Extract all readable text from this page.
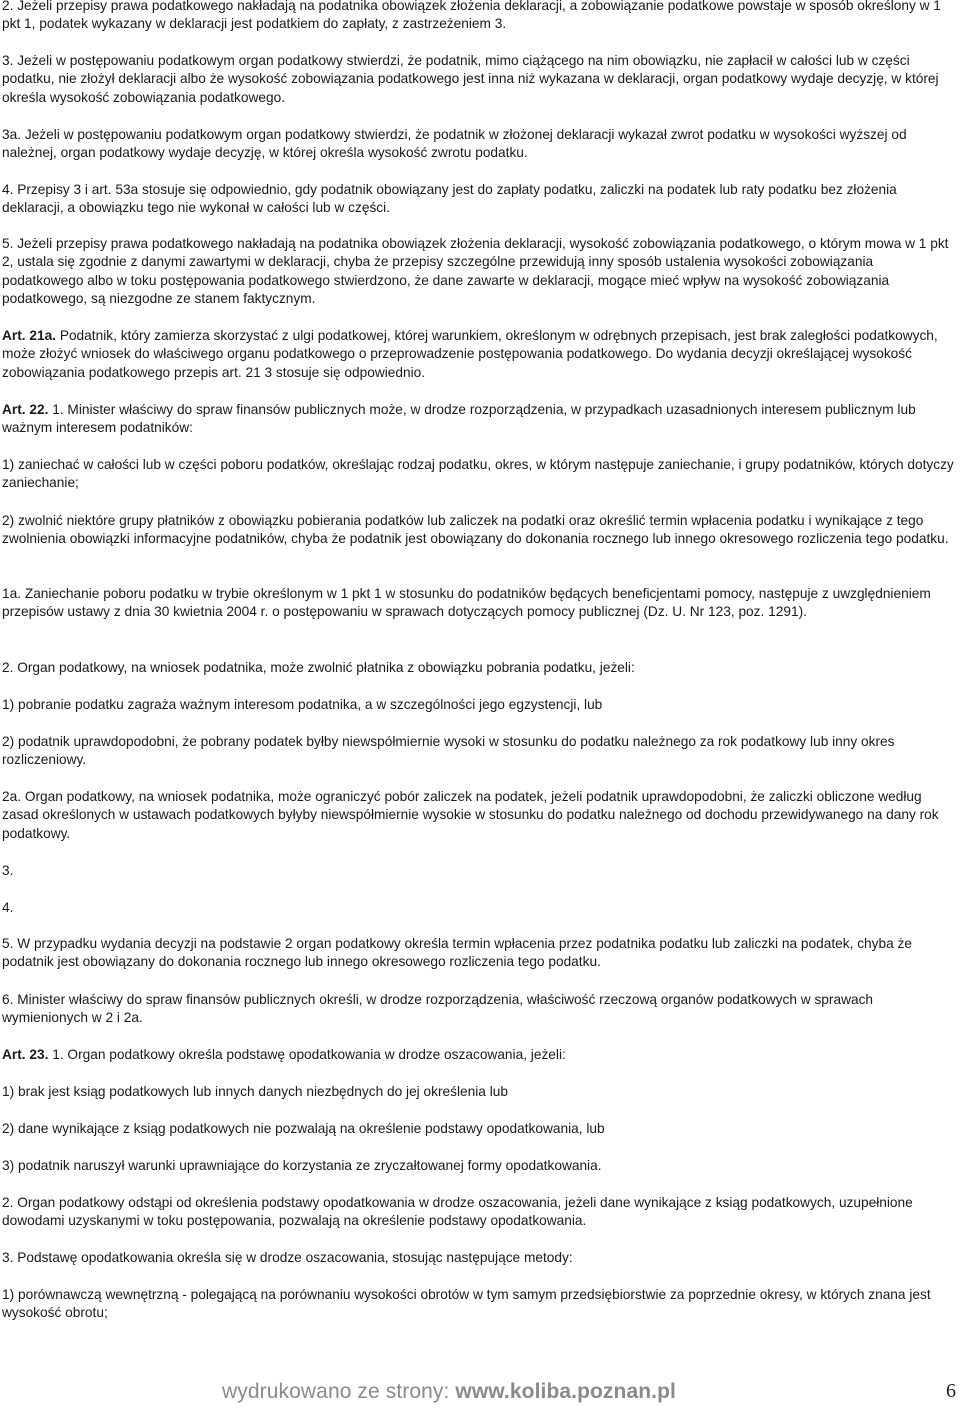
2. Jeżeli przepisy prawa podatkowego nakładają na podatnika obowiązek złożenia deklaracji, a zobowiązanie podatkowe powstaje w sposób określony w 1 pkt 1, podatek wykazany w deklaracji jest podatkiem do zapłaty, z zastrzeżeniem 3.

3. Jeżeli w postępowaniu podatkowym organ podatkowy stwierdzi, że podatnik, mimo ciążącego na nim obowiązku, nie zapłacił w całości lub w części podatku, nie złożył deklaracji albo że wysokość zobowiązania podatkowego jest inna niż wykazana w deklaracji, organ podatkowy wydaje decyzję, w której określa wysokość zobowiązania podatkowego.

3a. Jeżeli w postępowaniu podatkowym organ podatkowy stwierdzi, że podatnik w złożonej deklaracji wykazał zwrot podatku w wysokości wyższej od należnej, organ podatkowy wydaje decyzję, w której określa wysokość zwrotu podatku.

4. Przepisy 3 i art. 53a stosuje się odpowiednio, gdy podatnik obowiązany jest do zapłaty podatku, zaliczki na podatek lub raty podatku bez złożenia deklaracji, a obowiązku tego nie wykonał w całości lub w części.

5. Jeżeli przepisy prawa podatkowego nakładają na podatnika obowiązek złożenia deklaracji, wysokość zobowiązania podatkowego, o którym mowa w 1 pkt 2, ustala się zgodnie z danymi zawartymi w deklaracji, chyba że przepisy szczególne przewidują inny sposób ustalenia wysokości zobowiązania podatkowego albo w toku postępowania podatkowego stwierdzono, że dane zawarte w deklaracji, mogące mieć wpływ na wysokość zobowiązania podatkowego, są niezgodne ze stanem faktycznym.

Art. 21a. Podatnik, który zamierza skorzystać z ulgi podatkowej, której warunkiem, określonym w odrębnych przepisach, jest brak zaległości podatkowych, może złożyć wniosek do właściwego organu podatkowego o przeprowadzenie postępowania podatkowego. Do wydania decyzji określającej wysokość zobowiązania podatkowego przepis art. 21 3 stosuje się odpowiednio.

Art. 22. 1. Minister właściwy do spraw finansów publicznych może, w drodze rozporządzenia, w przypadkach uzasadnionych interesem publicznym lub ważnym interesem podatników:

1) zaniechać w całości lub w części poboru podatków, określając rodzaj podatku, okres, w którym następuje zaniechanie, i grupy podatników, których dotyczy zaniechanie;

2) zwolnić niektóre grupy płatników z obowiązku pobierania podatków lub zaliczek na podatki oraz określić termin wpłacenia podatku i wynikające z tego zwolnienia obowiązki informacyjne podatników, chyba że podatnik jest obowiązany do dokonania rocznego lub innego okresowego rozliczenia tego podatku.

1a. Zaniechanie poboru podatku w trybie określonym w 1 pkt 1 w stosunku do podatników będących beneficjentami pomocy, następuje z uwzględnieniem przepisów ustawy z dnia 30 kwietnia 2004 r. o postępowaniu w sprawach dotyczących pomocy publicznej (Dz. U. Nr 123, poz. 1291).

2. Organ podatkowy, na wniosek podatnika, może zwolnić płatnika z obowiązku pobrania podatku, jeżeli:

1) pobranie podatku zagraża ważnym interesom podatnika, a w szczególności jego egzystencji, lub

2) podatnik uprawdopodobni, że pobrany podatek byłby niewspółmiernie wysoki w stosunku do podatku należnego za rok podatkowy lub inny okres rozliczeniowy.

2a. Organ podatkowy, na wniosek podatnika, może ograniczyć pobór zaliczek na podatek, jeżeli podatnik uprawdopodobni, że zaliczki obliczone według zasad określonych w ustawach podatkowych byłyby niewspółmiernie wysokie w stosunku do podatku należnego od dochodu przewidywanego na dany rok podatkowy.

3.

4.

5. W przypadku wydania decyzji na podstawie 2 organ podatkowy określa termin wpłacenia przez podatnika podatku lub zaliczki na podatek, chyba że podatnik jest obowiązany do dokonania rocznego lub innego okresowego rozliczenia tego podatku.

6. Minister właściwy do spraw finansów publicznych określi, w drodze rozporządzenia, właściwość rzeczową organów podatkowych w sprawach wymienionych w 2 i 2a.

Art. 23. 1. Organ podatkowy określa podstawę opodatkowania w drodze oszacowania, jeżeli:

1) brak jest ksiąg podatkowych lub innych danych niezbędnych do jej określenia lub

2) dane wynikające z ksiąg podatkowych nie pozwalają na określenie podstawy opodatkowania, lub

3) podatnik naruszył warunki uprawniające do korzystania ze zryczałtowanej formy opodatkowania.

2. Organ podatkowy odstąpi od określenia podstawy opodatkowania w drodze oszacowania, jeżeli dane wynikające z ksiąg podatkowych, uzupełnione dowodami uzyskanymi w toku postępowania, pozwalają na określenie podstawy opodatkowania.

3. Podstawę opodatkowania określa się w drodze oszacowania, stosując następujące metody:

1) porównawczą wewnętrzną - polegającą na porównaniu wysokości obrotów w tym samym przedsiębiorstwie za poprzednie okresy, w których znana jest wysokość obrotu;

wydrukowano ze strony: www.koliba.poznan.pl	6
